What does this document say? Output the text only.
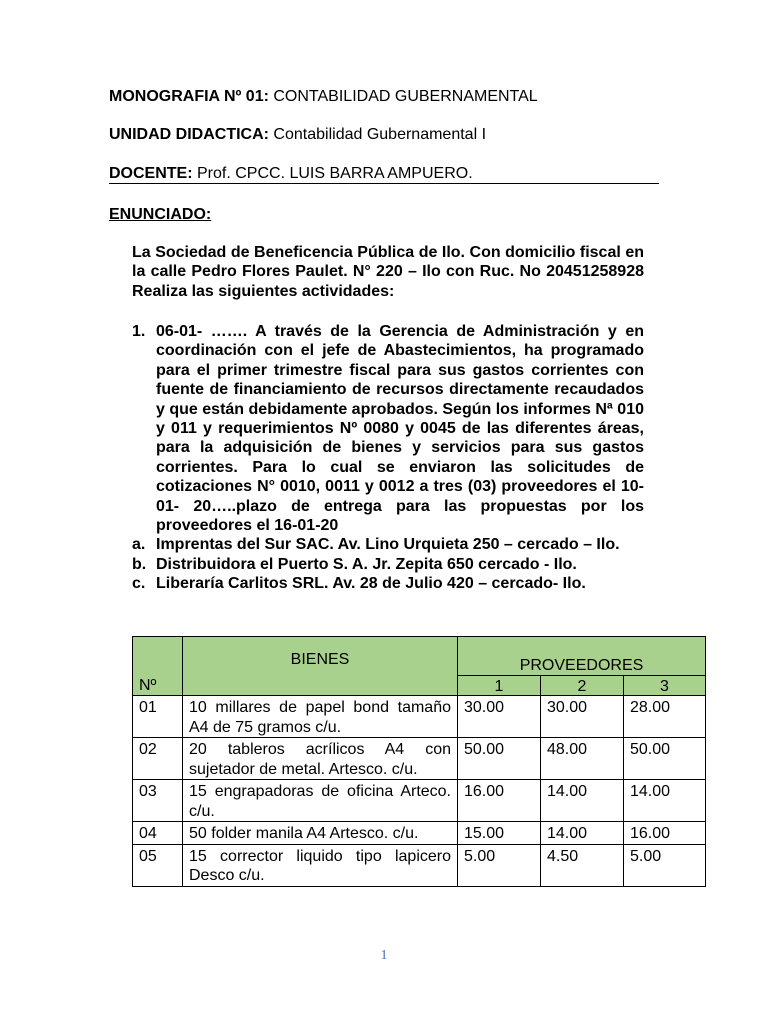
MONOGRAFIA Nº 01: CONTABILIDAD GUBERNAMENTAL
UNIDAD DIDACTICA: Contabilidad Gubernamental I
DOCENTE: Prof. CPCC. LUIS BARRA AMPUERO.
ENUNCIADO:
La Sociedad de Beneficencia Pública de Ilo. Con domicilio fiscal en la calle Pedro Flores Paulet. N° 220 – Ilo con Ruc. No 20451258928 Realiza las siguientes actividades:
1. 06-01- ……. A través de la Gerencia de Administración y en coordinación con el jefe de Abastecimientos, ha programado para el primer trimestre fiscal para sus gastos corrientes con fuente de financiamiento de recursos directamente recaudados y que están debidamente aprobados. Según los informes Nª 010 y 011 y requerimientos Nº 0080 y 0045 de las diferentes áreas, para la adquisición de bienes y servicios para sus gastos corrientes. Para lo cual se enviaron las solicitudes de cotizaciones N° 0010, 0011 y 0012 a tres (03) proveedores el 10- 01- 20…..plazo de entrega para las propuestas por los proveedores el 16-01-20
a. Imprentas del Sur SAC. Av. Lino Urquieta 250 – cercado – Ilo.
b. Distribuidora el Puerto S. A. Jr. Zepita 650 cercado - Ilo.
c. Liberaría Carlitos SRL. Av. 28 de Julio 420 – cercado- Ilo.
Nº	BIENES	PROVEEDORES		
		1	2	3
01	10 millares de papel bond tamaño A4 de 75 gramos c/u.	30.00	30.00	28.00
02	20 tableros acrílicos A4 con sujetador de metal. Artesco. c/u.	50.00	48.00	50.00
03	15 engrapadoras de oficina Arteco. c/u.	16.00	14.00	14.00
04	50 folder manila A4 Artesco. c/u.	15.00	14.00	16.00
05	15 corrector liquido tipo lapicero Desco c/u.	5.00	4.50	5.00
1
